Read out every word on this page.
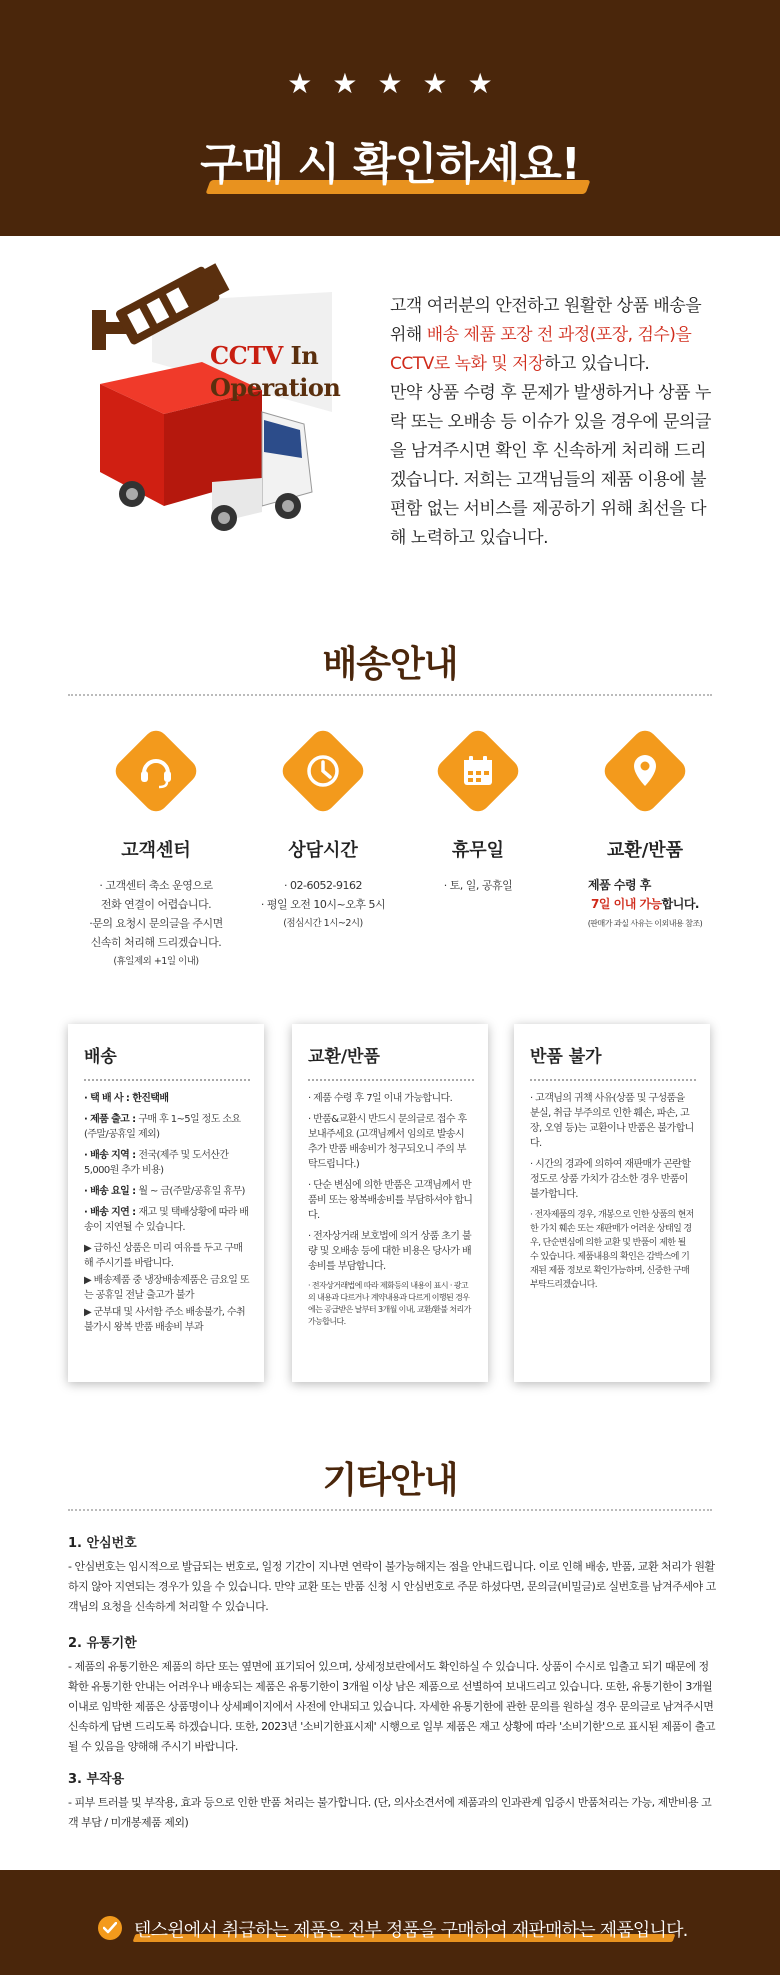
★ ★ ★ ★ ★
구매 시 확인하세요!
CCTV In
Operation
고객 여러분의 안전하고 원활한 상품 배송을 위해 배송 제품 포장 전 과정(포장, 검수)을 CCTV로 녹화 및 저장하고 있습니다.
만약 상품 수령 후 문제가 발생하거나 상품 누락 또는 오배송 등 이슈가 있을 경우에 문의글을 남겨주시면 확인 후 신속하게 처리해 드리겠습니다. 저희는 고객님들의 제품 이용에 불편함 없는 서비스를 제공하기 위해 최선을 다해 노력하고 있습니다.
배송안내
고객센터
· 고객센터 축소 운영으로
전화 연결이 어렵습니다.
·문의 요청시 문의글을 주시면
신속히 처리해 드리겠습니다.
(휴일제외 +1일 이내)
상담시간
· 02-6052-9162
· 평일 오전 10시~오후 5시
(점심시간 1시~2시)
휴무일
· 토, 일, 공휴일
교환/반품
제품 수령 후
7일 이내 가능합니다.
(판매가 과실 사유는 이외내용 참조)
배송
· 택 배 사 : 한진택배
· 제품 출고 : 구매 후 1~5일 정도 소요 (주말/공휴일 제외)
· 배송 지역 : 전국(제주 및 도서산간 5,000원 추가 비용)
· 배송 요일 : 월 ~ 금(주말/공휴일 휴무)
· 배송 지연 : 재고 및 택배상황에 따라 배송이 지연될 수 있습니다.
▶ 급하신 상품은 미리 여유를 두고 구매해 주시기를 바랍니다.
▶ 배송제품 중 냉장배송제품은 금요일 또는 공휴일 전날 출고가 불가
▶ 군부대 및 사서함 주소 배송불가, 수취 불가시 왕복 반품 배송비 부과
교환/반품
· 제품 수령 후 7일 이내 가능합니다.
· 반품&교환시 반드시 문의글로 접수 후 보내주세요 (고객님께서 임의로 발송시 추가 반품 배송비가 청구되오니 주의 부탁드립니다.)
· 단순 변심에 의한 반품은 고객님께서 반품비 또는 왕복배송비를 부담하셔야 합니다.
· 전자상거래 보호법에 의거 상품 초기 불량 및 오배송 등에 대한 비용은 당사가 배송비를 부담합니다.
· 전자상거래법에 따라 제화등의 내용이 표시 · 광고의 내용과 다르거나 계약내용과 다르게 이행된 경우에는 공급받은 날부터 3개월 이내, 교환/환불 처리가 가능합니다.
반품 불가
· 고객님의 귀책 사유(상품 및 구성품을 분실, 취급 부주의로 인한 훼손, 파손, 고장, 오염 등)는 교환이나 반품은 불가합니다.
· 시간의 경과에 의하여 재판매가 곤란할 정도로 상품 가치가 감소한 경우 반품이 불가합니다.
· 전자제품의 경우, 개봉으로 인한 상품의 현저한 가치 훼손 또는 재판매가 어려운 상태일 경우, 단순변심에 의한 교환 및 반품이 제한 될 수 있습니다. 제품내용의 확인은 감박스에 기재된 제품 정보로 확인가능하며, 신중한 구매 부탁드리겠습니다.
기타안내
1. 안심번호
- 안심번호는 임시적으로 발급되는 번호로, 일정 기간이 지나면 연락이 불가능해지는 점을 안내드립니다. 이로 인해 배송, 반품, 교환 처리가 원활하지 않아 지연되는 경우가 있을 수 있습니다. 만약 교환 또는 반품 신청 시 안심번호로 주문 하셨다면, 문의글(비밀글)로 실번호를 남겨주세야 고객님의 요청을 신속하게 처리할 수 있습니다.
2. 유통기한
- 제품의 유통기한은 제품의 하단 또는 옆면에 표기되어 있으며, 상세정보란에서도 확인하실 수 있습니다. 상품이 수시로 입출고 되기 때문에 정확한 유통기한 안내는 어려우나 배송되는 제품은 유통기한이 3개월 이상 남은 제품으로 선별하여 보내드리고 있습니다. 또한, 유통기한이 3개월 이내로 임박한 제품은 상품명이나 상세페이지에서 사전에 안내되고 있습니다. 자세한 유통기한에 관한 문의를 원하실 경우 문의글로 남겨주시면 신속하게 답변 드리도록 하겠습니다. 또한, 2023년 '소비기한표시제' 시행으로 일부 제품은 재고 상황에 따라 '소비기한'으로 표시된 제품이 출고될 수 있음을 양해해 주시기 바랍니다.
3. 부작용
- 피부 트러블 및 부작용, 효과 등으로 인한 반품 처리는 불가합니다. (단, 의사소견서에 제품과의 인과관계 입증시 반품처리는 가능, 제반비용 고객 부담 / 미개봉제품 제외)
텐스윈에서 취급하는 제품은 전부 정품을 구매하여 재판매하는 제품입니다.
